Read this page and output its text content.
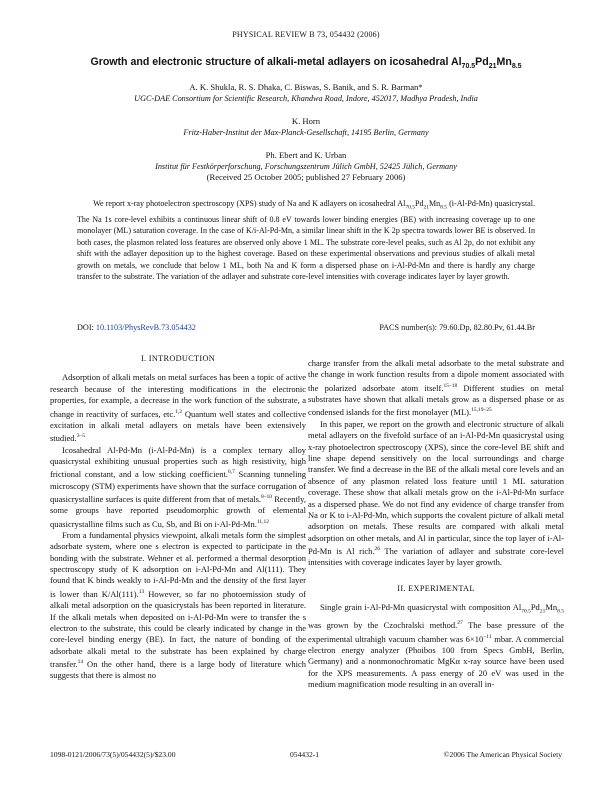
PHYSICAL REVIEW B 73, 054432 (2006)
Growth and electronic structure of alkali-metal adlayers on icosahedral $Al_{70.5}Pd_{21}Mn_{8.5}$
A. K. Shukla, R. S. Dhaka, C. Biswas, S. Banik, and S. R. Barman*
UGC-DAE Consortium for Scientific Research, Khandwa Road, Indore, 452017, Madhya Pradesh, India
K. Horn
Fritz-Haber-Institut der Max-Planck-Gesellschaft, 14195 Berlin, Germany
Ph. Ebert and K. Urban
Institut für Festkörperforschung, Forschungszentrum Jülich GmbH, 52425 Jülich, Germany
(Received 25 October 2005; published 27 February 2006)
  We report x-ray photoelectron spectroscopy (XPS) study of Na and K adlayers on icosahedral $Al_{70.5}Pd_{21}Mn_{8.5}$ (i-Al-Pd-Mn) quasicrystal. The Na 1s core-level exhibits a continuous linear shift of 0.8 eV towards lower binding energies (BE) with increasing coverage up to one monolayer (ML) saturation coverage. In the case of K/i-Al-Pd-Mn, a similar linear shift in the K 2p spectra towards lower BE is observed. In both cases, the plasmon related loss features are observed only above 1 ML. The substrate core-level peaks, such as Al 2p, do not exhibit any shift with the adlayer deposition up to the highest coverage. Based on these experimental observations and previous studies of alkali metal growth on metals, we conclude that below 1 ML, both Na and K form a dispersed phase on i-Al-Pd-Mn and there is hardly any charge transfer to the substrate. The variation of the adlayer and substrate core-level intensities with coverage indicates layer by layer growth.
DOI: 10.1103/PhysRevB.73.054432	PACS number(s): 79.60.Dp, 82.80.Pv, 61.44.Br
I. INTRODUCTION

Adsorption of alkali metals on metal surfaces has been a topic of active research because of the interesting modifications in the electronic properties, for example, a decrease in the work function of the substrate, a change in reactivity of surfaces, etc.$^{1,2}$ Quantum well states and collective excitation in alkali metal adlayers on metals have been extensively studied.$^{3-5}$

Icosahedral Al-Pd-Mn (i-Al-Pd-Mn) is a complex ternary alloy quasicrystal exhibiting unusual properties such as high resistivity, high frictional constant, and a low sticking coefficient.$^{6,7}$ Scanning tunneling microscopy (STM) experiments have shown that the surface corrugation of quasicrystalline surfaces is quite different from that of metals.$^{8-10}$ Recently, some groups have reported pseudomorphic growth of elemental quasicrystalline films such as Cu, Sb, and Bi on i-Al-Pd-Mn.$^{11,12}$

From a fundamental physics viewpoint, alkali metals form the simplest adsorbate system, where one s electron is expected to participate in the bonding with the substrate. Wehner et al. performed a thermal desorption spectroscopy study of K adsorption on i-Al-Pd-Mn and Al(111). They found that K binds weakly to i-Al-Pd-Mn and the density of the first layer is lower than K/Al(111).$^{13}$ However, so far no photoemission study of alkali metal adsorption on the quasicrystals has been reported in literature. If the alkali metals when deposited on i-Al-Pd-Mn were to transfer the s electron to the substrate, this could be clearly indicated by change in the core-level binding energy (BE). In fact, the nature of bonding of the adsorbate alkali metal to the substrate has been explained by charge transfer.$^{14}$ On the other hand, there is a large body of literature which suggests that there is almost no

charge transfer from the alkali metal adsorbate to the metal substrate and the change in work function results from a dipole moment associated with the polarized adsorbate atom itself.$^{15-18}$ Different studies on metal substrates have shown that alkali metals grow as a dispersed phase or as condensed islands for the first monolayer (ML).$^{15,19-25}$

In this paper, we report on the growth and electronic structure of alkali metal adlayers on the fivefold surface of an i-Al-Pd-Mn quasicrystal using x-ray photoelectron spectroscopy (XPS), since the core-level BE shift and line shape depend sensitively on the local surroundings and charge transfer. We find a decrease in the BE of the alkali metal core levels and an absence of any plasmon related loss feature until 1 ML saturation coverage. These show that alkali metals grow on the i-Al-Pd-Mn surface as a dispersed phase. We do not find any evidence of charge transfer from Na or K to i-Al-Pd-Mn, which supports the covalent picture of alkali metal adsorption on metals. These results are compared with alkali metal adsorption on other metals, and Al in particular, since the top layer of i-Al-Pd-Mn is Al rich.$^{26}$ The variation of adlayer and substrate core-level intensities with coverage indicates layer by layer growth.

II. EXPERIMENTAL

Single grain i-Al-Pd-Mn quasicrystal with composition $Al_{70.5}Pd_{21}Mn_{8.5}$ was grown by the Czochralski method.$^{27}$ The base pressure of the experimental ultrahigh vacuum chamber was $6\times 10^{-11}$ mbar. A commercial electron energy analyzer (Phoibos 100 from Specs GmbH, Berlin, Germany) and a nonmonochromatic MgKα x-ray source have been used for the XPS measurements. A pass energy of 20 eV was used in the medium magnification mode resulting in an overall in-

1098-0121/2006/73(5)/054432(5)/$23.00	054432-1	©2006 The American Physical Society
